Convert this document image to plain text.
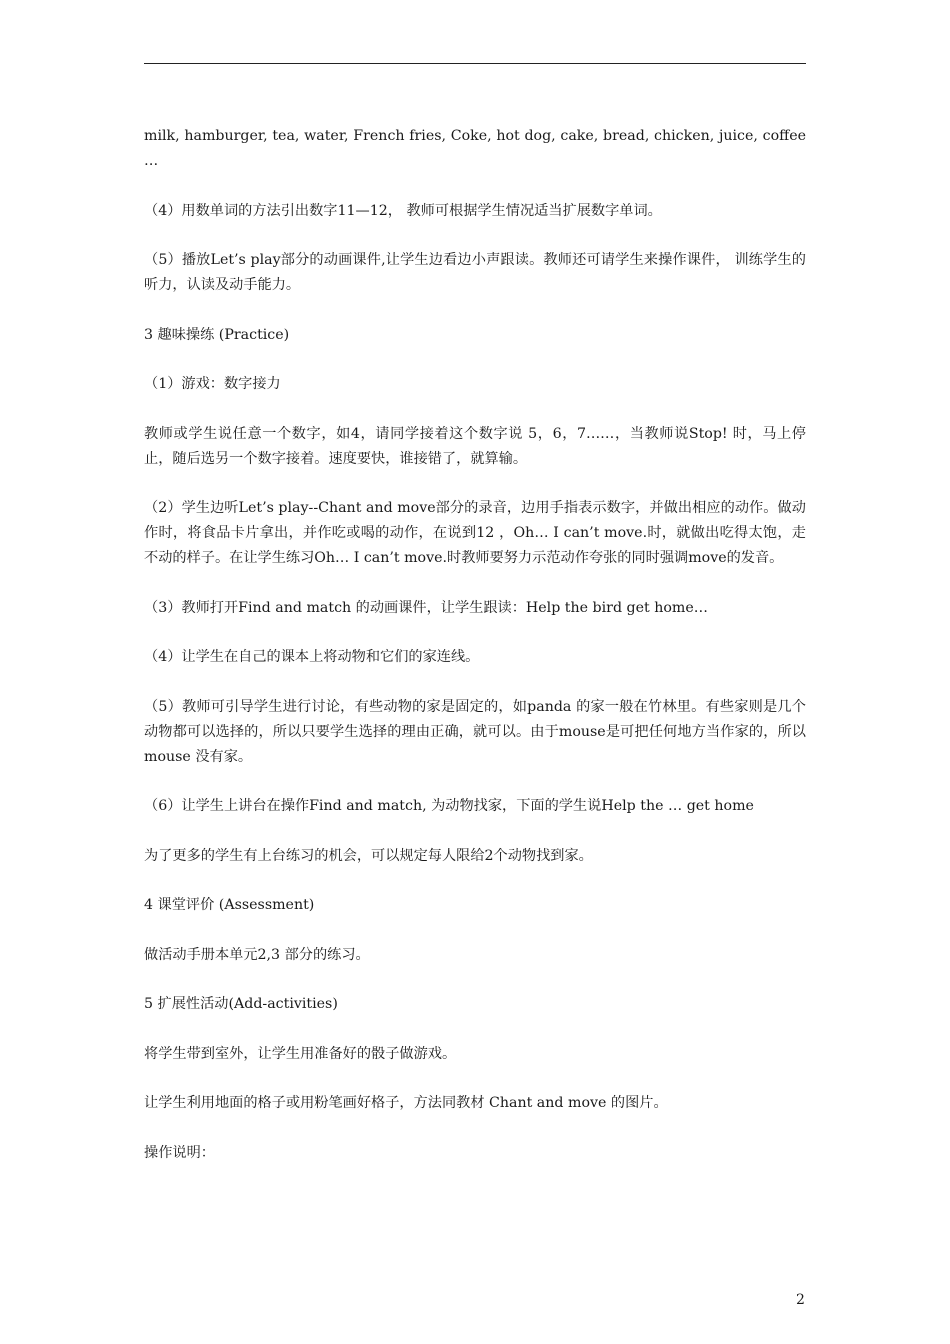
milk, hamburger, tea, water, French fries, Coke, hot dog, cake, bread, chicken, juice, coffee …

（4）用数单词的方法引出数字11—12， 教师可根据学生情况适当扩展数字单词。

（5）播放Let’s play部分的动画课件,让学生边看边小声跟读。教师还可请学生来操作课件， 训练学生的听力，认读及动手能力。

3 趣味操练 (Practice)

（1）游戏：数字接力

教师或学生说任意一个数字，如4，请同学接着这个数字说 5，6，7……，当教师说Stop! 时，马上停止，随后选另一个数字接着。速度要快，谁接错了，就算输。

（2）学生边听Let’s play--Chant and move部分的录音，边用手指表示数字，并做出相应的动作。做动作时，将食品卡片拿出，并作吃或喝的动作，在说到12 ，Oh… I can’t move.时，就做出吃得太饱，走不动的样子。在让学生练习Oh… I can’t move.时教师要努力示范动作夸张的同时强调move的发音。

（3）教师打开Find and match 的动画课件，让学生跟读：Help the bird get home…

（4）让学生在自己的课本上将动物和它们的家连线。

（5）教师可引导学生进行讨论，有些动物的家是固定的，如panda 的家一般在竹林里。有些家则是几个动物都可以选择的，所以只要学生选择的理由正确，就可以。由于mouse是可把任何地方当作家的，所以mouse 没有家。

（6）让学生上讲台在操作Find and match, 为动物找家，下面的学生说Help the … get home

为了更多的学生有上台练习的机会，可以规定每人限给2个动物找到家。

4 课堂评价 (Assessment)

做活动手册本单元2,3 部分的练习。

5 扩展性活动(Add-activities)

将学生带到室外，让学生用准备好的骰子做游戏。

让学生利用地面的格子或用粉笔画好格子，方法同教材 Chant and move 的图片。

操作说明：

2
